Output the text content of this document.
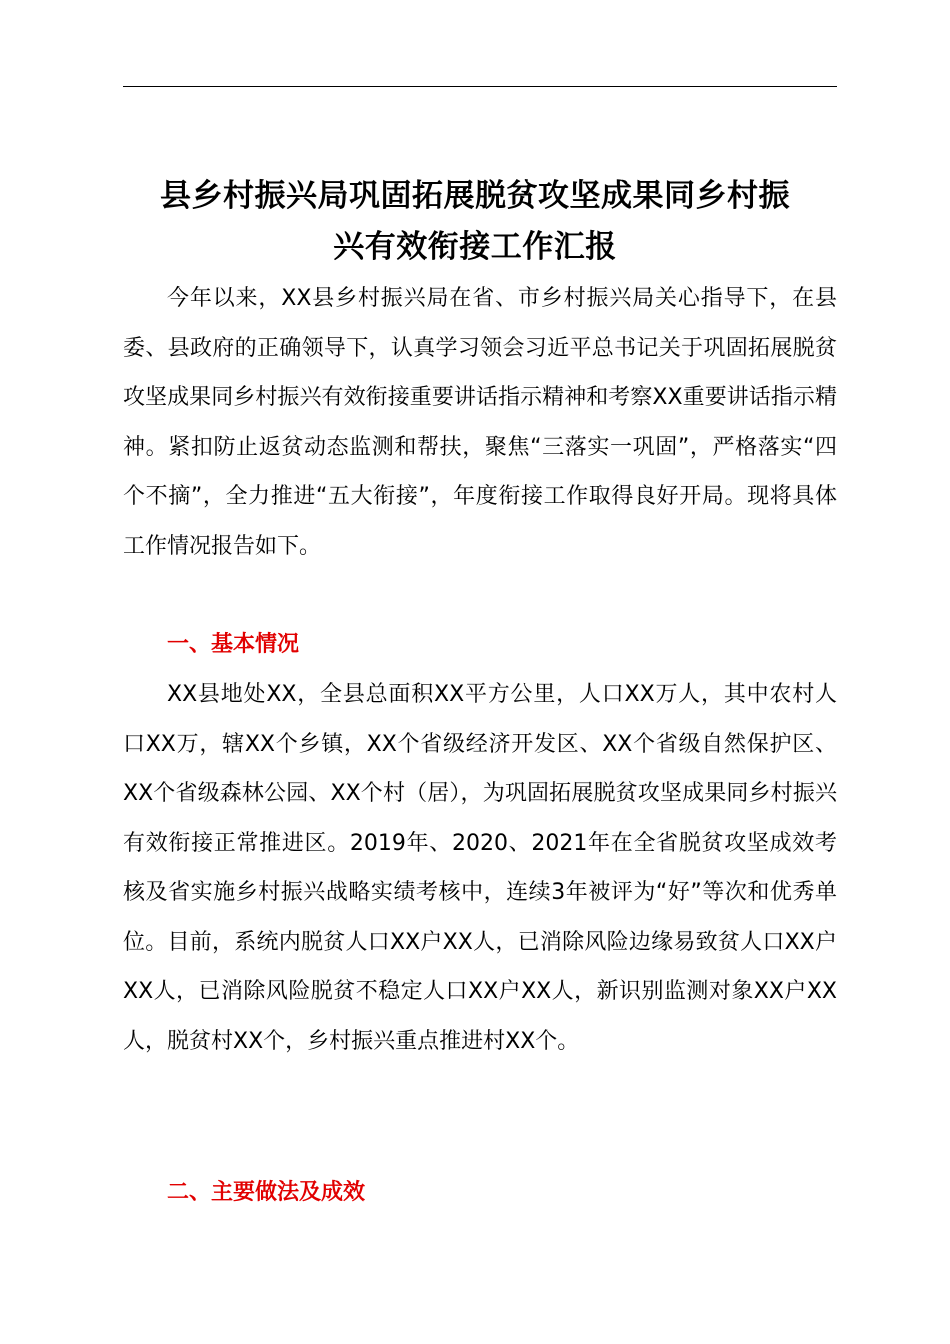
县乡村振兴局巩固拓展脱贫攻坚成果同乡村振
兴有效衔接工作汇报

今年以来，XX县乡村振兴局在省、市乡村振兴局关心指导下，在县委、县政府的正确领导下，认真学习领会习近平总书记关于巩固拓展脱贫攻坚成果同乡村振兴有效衔接重要讲话指示精神和考察XX重要讲话指示精神。紧扣防止返贫动态监测和帮扶，聚焦“三落实一巩固”，严格落实“四个不摘”，全力推进“五大衔接”，年度衔接工作取得良好开局。现将具体工作情况报告如下。

一、基本情况

XX县地处XX，全县总面积XX平方公里，人口XX万人，其中农村人口XX万，辖XX个乡镇，XX个省级经济开发区、XX个省级自然保护区、XX个省级森林公园、XX个村（居），为巩固拓展脱贫攻坚成果同乡村振兴有效衔接正常推进区。2019年、2020、2021年在全省脱贫攻坚成效考核及省实施乡村振兴战略实绩考核中，连续3年被评为“好”等次和优秀单位。目前，系统内脱贫人口XX户XX人，已消除风险边缘易致贫人口XX户XX人，已消除风险脱贫不稳定人口XX户XX人，新识别监测对象XX户XX人，脱贫村XX个，乡村振兴重点推进村XX个。

二、主要做法及成效
